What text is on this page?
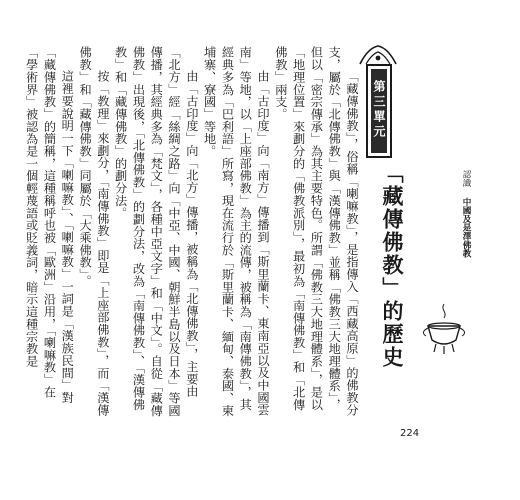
「藏傳佛教」，俗稱「喇嘛教」，是指傳入「西藏高原」的佛教分支，屬於「北傳佛教」與「漢傳佛教」並稱「佛教三大地理體系」，但以「密宗傳承」為其主要特色。所謂「佛教三大地理體系」，是以「地理位置」來劃分的「佛教派別」，最初為「南傳佛教」和「北傳佛教」兩支。

由「古印度」向「南方」傳播到「斯里蘭卡、東南亞以及中國雲南」等地，以「上座部佛教」為主的流傳，被稱為「南傳佛教」，其經典多為「巴利語」所寫，現在流行於「斯里蘭卡、緬甸、泰國、柬埔寨、寮國」等地。

由「古印度」向「北方」傳播，被稱為「北傳佛教」，主要由「北方」經「絲綢之路」向「中亞、中國、朝鮮半島以及日本」等國傳播，其經典多為「梵文」，各種中亞文字」和「中文」。自從「藏傳佛教」出現後，「北傳佛教」的劃分法，改為「南傳佛教」、「漢傳佛教」和「藏傳佛教」的劃分法。

按「教理」來劃分，「南傳佛教」即是「上座部佛教」，而「漢傳佛教」和「藏傳佛教」同屬於「大乘佛教」。

這裡要說明一下「喇嘛教」、「喇嘛教」一詞是「漢族民間」對「藏傳佛教」的簡稱，這種稱呼也被「歐洲」沿用，「喇嘛教」在「學術界」被認為是一個輕蔑語或貶義詞，暗示這種宗教是	第三單元
「藏傳佛教」的歷史	認識 中國及是澤佛教
224
